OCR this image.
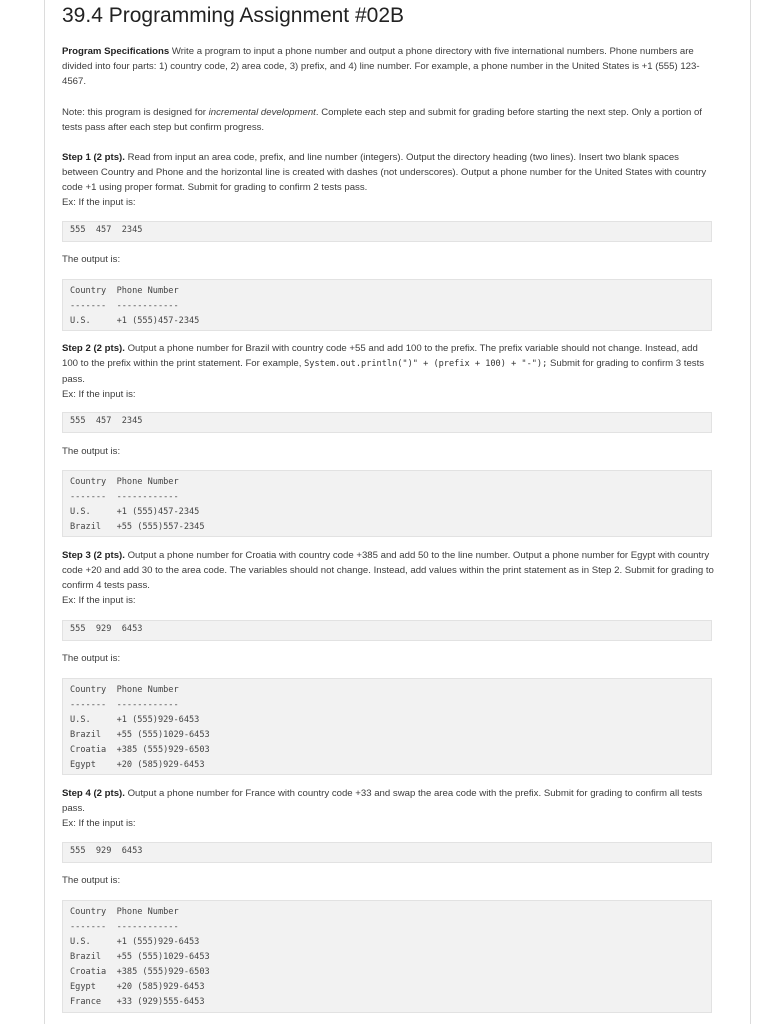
39.4 Programming Assignment #02B

Program Specifications Write a program to input a phone number and output a phone directory with five international numbers. Phone numbers are divided into four parts: 1) country code, 2) area code, 3) prefix, and 4) line number. For example, a phone number in the United States is +1 (555) 123-4567.

Note: this program is designed for incremental development. Complete each step and submit for grading before starting the next step. Only a portion of tests pass after each step but confirm progress.

Step 1 (2 pts). Read from input an area code, prefix, and line number (integers). Output the directory heading (two lines). Insert two blank spaces between Country and Phone and the horizontal line is created with dashes (not underscores). Output a phone number for the United States with country code +1 using proper format. Submit for grading to confirm 2 tests pass.
Ex: If the input is:

555  457  2345

The output is:

Country  Phone Number
-------  ------------
U.S.     +1 (555)457-2345

Step 2 (2 pts). Output a phone number for Brazil with country code +55 and add 100 to the prefix. The prefix variable should not change. Instead, add 100 to the prefix within the print statement. For example, System.out.println(")" + (prefix + 100) + "-"); Submit for grading to confirm 3 tests pass.
Ex: If the input is:

555  457  2345

The output is:

Country  Phone Number
-------  ------------
U.S.     +1 (555)457-2345
Brazil   +55 (555)557-2345

Step 3 (2 pts). Output a phone number for Croatia with country code +385 and add 50 to the line number. Output a phone number for Egypt with country code +20 and add 30 to the area code. The variables should not change. Instead, add values within the print statement as in Step 2. Submit for grading to confirm 4 tests pass.
Ex: If the input is:

555  929  6453

The output is:

Country  Phone Number
-------  ------------
U.S.     +1 (555)929-6453
Brazil   +55 (555)1029-6453
Croatia  +385 (555)929-6503
Egypt    +20 (585)929-6453

Step 4 (2 pts). Output a phone number for France with country code +33 and swap the area code with the prefix. Submit for grading to confirm all tests pass.
Ex: If the input is:

555  929  6453

The output is:

Country  Phone Number
-------  ------------
U.S.     +1 (555)929-6453
Brazil   +55 (555)1029-6453
Croatia  +385 (555)929-6503
Egypt    +20 (585)929-6453
France   +33 (929)555-6453
